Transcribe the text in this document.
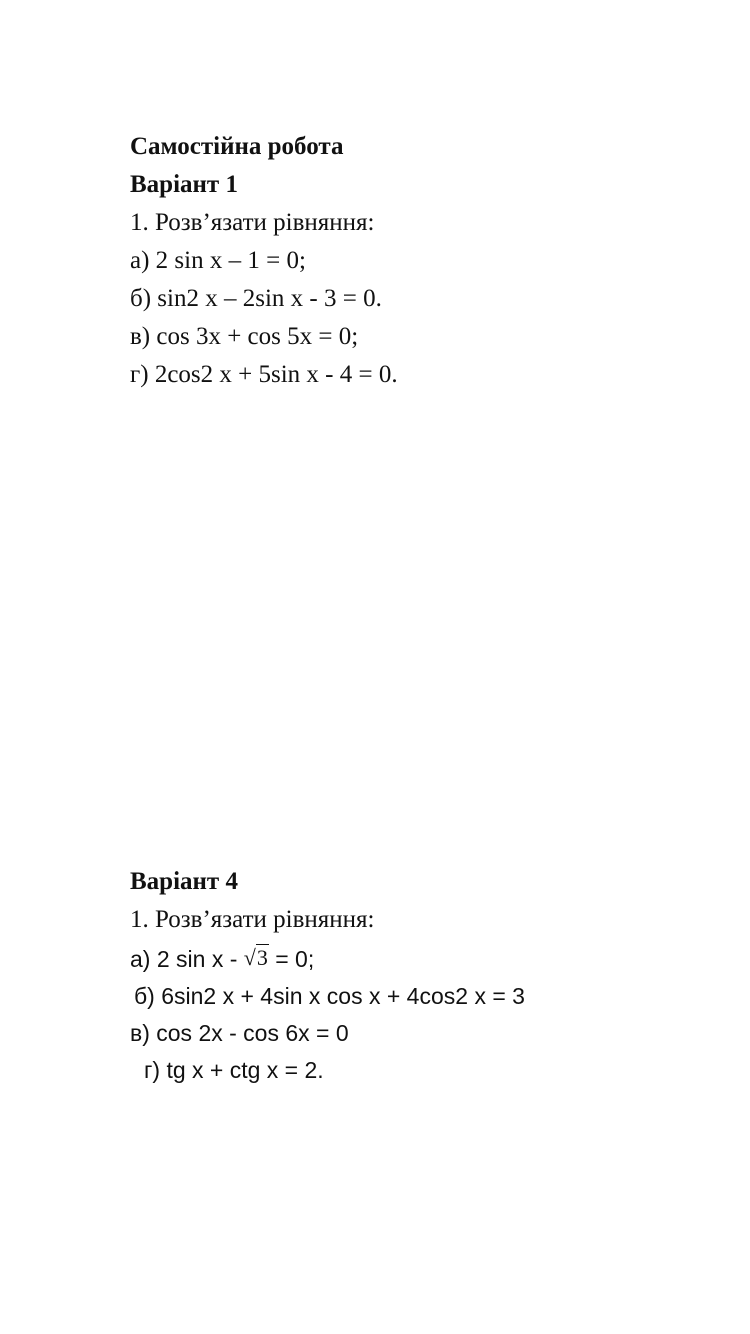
Самостійна робота
Варіант 1
1. Розв’язати рівняння:
а) 2 sin x – 1 = 0;
б) sin2 x – 2sin x - 3 = 0.
в) cos 3x + cos 5x = 0;
г) 2cos2 x + 5sin x - 4 = 0.
Варіант 4
1. Розв’язати рівняння:
а) 2 sin x - √3 = 0;
б) 6sin2 x + 4sin x cos x + 4cos2 x = 3
в) cos 2x - cos 6x = 0
г) tg x + ctg x = 2.
